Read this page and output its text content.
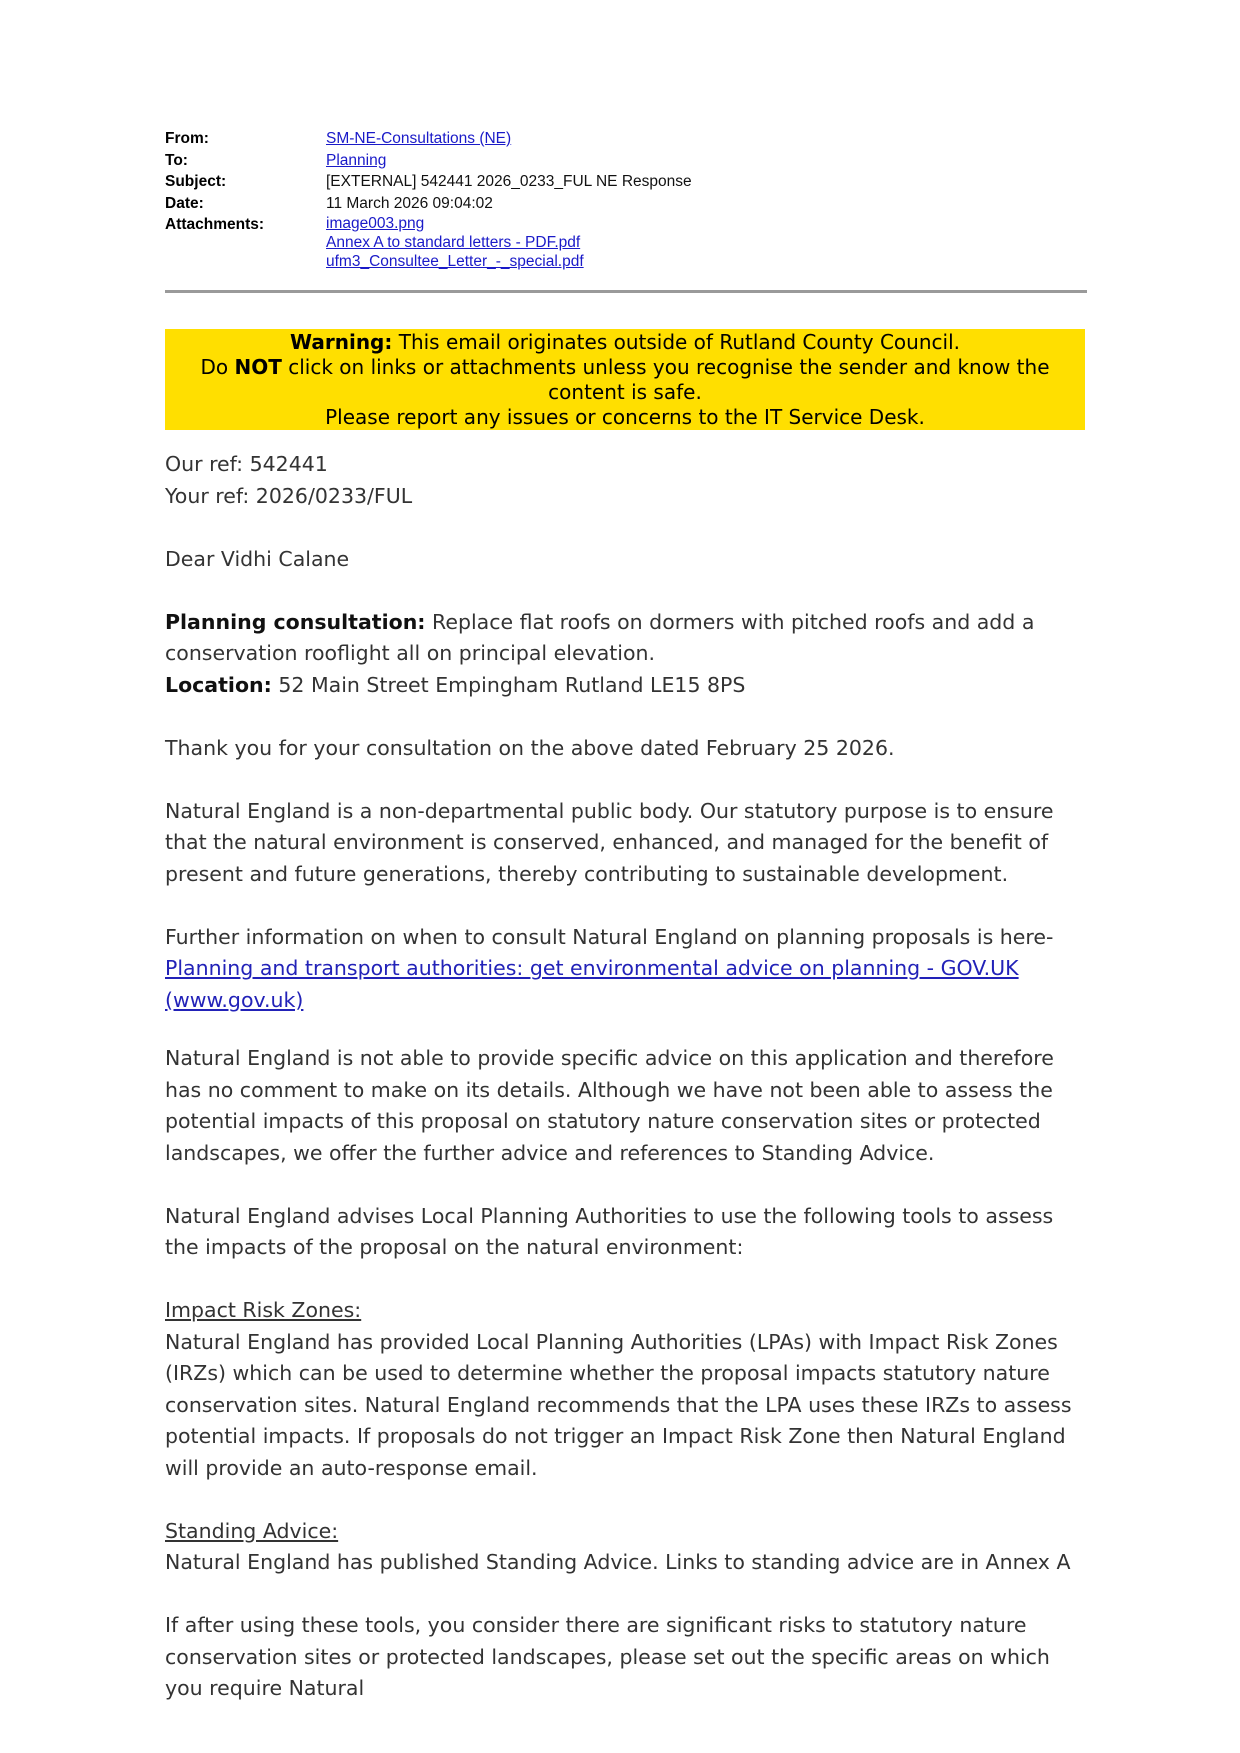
From:	SM-NE-Consultations (NE)
To:	Planning
Subject:	[EXTERNAL] 542441 2026_0233_FUL NE Response
Date:	11 March 2026 09:04:02
Attachments:	image003.png
Annex A to standard letters - PDF.pdf
ufm3_Consultee_Letter_-_special.pdf
Warning: This email originates outside of Rutland County Council.
Do NOT click on links or attachments unless you recognise the sender and know the content is safe.
Please report any issues or concerns to the IT Service Desk.

Our ref: 542441

Your ref: 2026/0233/FUL

Dear Vidhi Calane

Planning consultation: Replace flat roofs on dormers with pitched roofs and add a conservation rooflight all on principal elevation.

Location: 52 Main Street Empingham Rutland LE15 8PS

Thank you for your consultation on the above dated February 25 2026.

Natural England is a non-departmental public body. Our statutory purpose is to ensure that the natural environment is conserved, enhanced, and managed for the benefit of present and future generations, thereby contributing to sustainable development.

Further information on when to consult Natural England on planning proposals is here- Planning and transport authorities: get environmental advice on planning - GOV.UK (www.gov.uk)

Natural England is not able to provide specific advice on this application and therefore has no comment to make on its details. Although we have not been able to assess the potential impacts of this proposal on statutory nature conservation sites or protected landscapes, we offer the further advice and references to Standing Advice.

Natural England advises Local Planning Authorities to use the following tools to assess the impacts of the proposal on the natural environment:

Impact Risk Zones:

Natural England has provided Local Planning Authorities (LPAs) with Impact Risk Zones (IRZs) which can be used to determine whether the proposal impacts statutory nature conservation sites. Natural England recommends that the LPA uses these IRZs to assess potential impacts. If proposals do not trigger an Impact Risk Zone then Natural England will provide an auto-response email.

Standing Advice:

Natural England has published Standing Advice. Links to standing advice are in Annex A

If after using these tools, you consider there are significant risks to statutory nature conservation sites or protected landscapes, please set out the specific areas on which you require Natural
